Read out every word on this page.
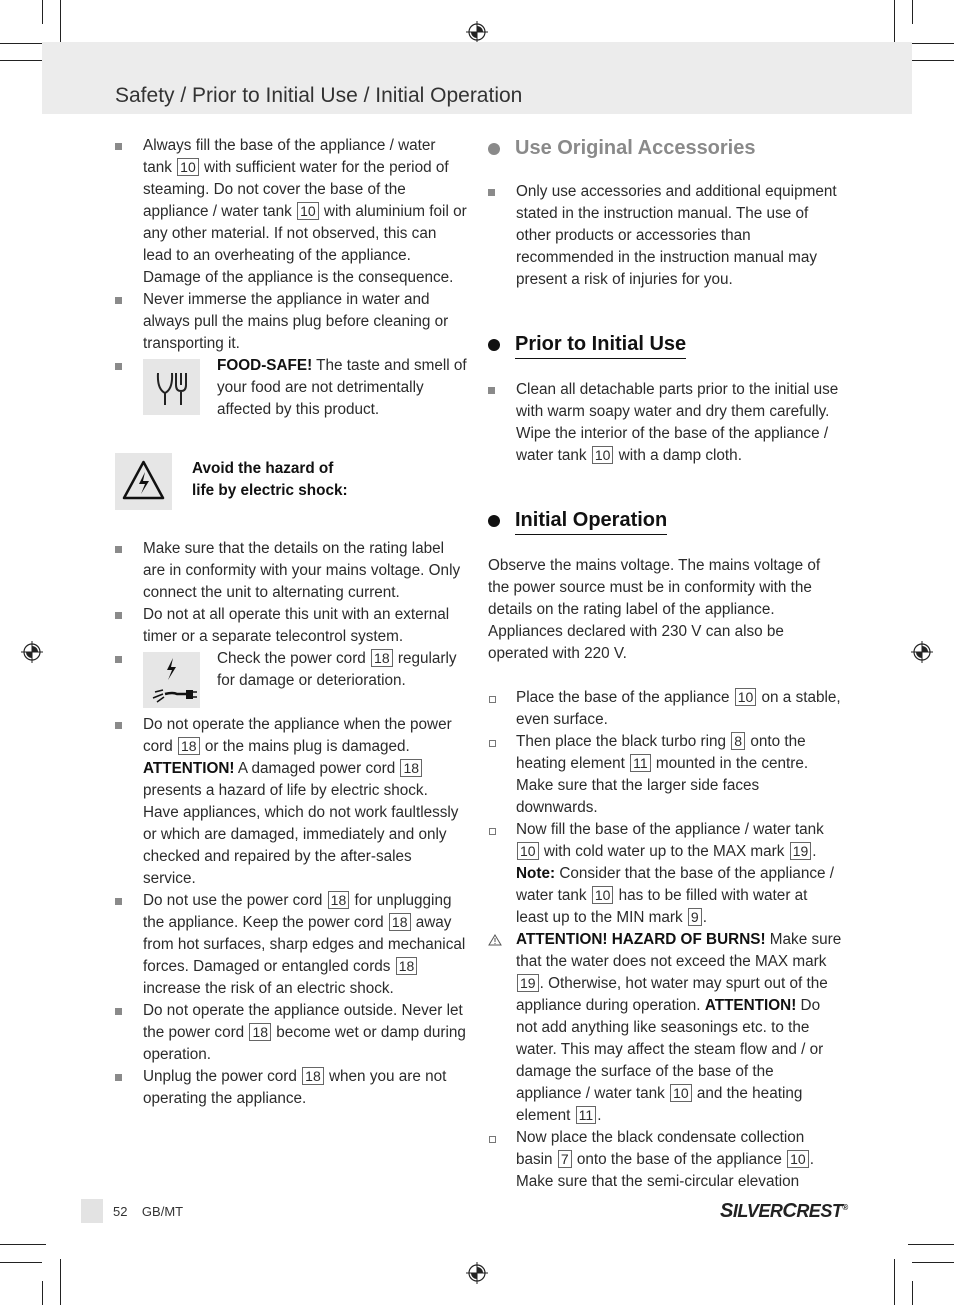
Safety / Prior to Initial Use / Initial Operation
Always fill the base of the appliance / water tank 10 with sufficient water for the period of steaming. Do not cover the base of the appliance / water tank 10 with aluminium foil or any other material. If not observed, this can lead to an overheating of the appliance. Damage of the appliance is the consequence.
Never immerse the appliance in water and always pull the mains plug before cleaning or transporting it.
FOOD-SAFE! The taste and smell of your food are not detrimentally affected by this product.
Avoid the hazard of
life by electric shock:
Make sure that the details on the rating label are in conformity with your mains voltage. Only connect the unit to alternating current.
Do not at all operate this unit with an external timer or a separate telecontrol system.
Check the power cord 18 regularly for damage or deterioration.
Do not operate the appliance when the power cord 18 or the mains plug is damaged. ATTENTION! A damaged power cord 18 presents a hazard of life by electric shock. Have appliances, which do not work faultlessly or which are damaged, immediately and only checked and repaired by the after-sales service.
Do not use the power cord 18 for unplugging the appliance. Keep the power cord 18 away from hot surfaces, sharp edges and mechanical forces. Damaged or entangled cords 18 increase the risk of an electric shock.
Do not operate the appliance outside. Never let the power cord 18 become wet or damp during operation.
Unplug the power cord 18 when you are not operating the appliance.
Use Original Accessories
Only use accessories and additional equipment stated in the instruction manual. The use of other products or accessories than recommended in the instruction manual may present a risk of injuries for you.
Prior to Initial Use
Clean all detachable parts prior to the initial use with warm soapy water and dry them carefully. Wipe the interior of the base of the appliance / water tank 10 with a damp cloth.
Initial Operation
Observe the mains voltage. The mains voltage of the power source must be in conformity with the details on the rating label of the appliance. Appliances declared with 230 V can also be operated with 220 V.
Place the base of the appliance 10 on a stable, even surface.
Then place the black turbo ring 8 onto the heating element 11 mounted in the centre. Make sure that the larger side faces downwards.
Now fill the base of the appliance / water tank 10 with cold water up to the MAX mark 19 . Note: Consider that the base of the appliance / water tank 10 has to be filled with water at least up to the MIN mark 9 .
ATTENTION! HAZARD OF BURNS! Make sure that the water does not exceed the MAX mark 19 . Otherwise, hot water may spurt out of the appliance during operation. ATTENTION! Do not add anything like seasonings etc. to the water. This may affect the steam flow and / or damage the surface of the base of the appliance / water tank 10 and the heating element 11 .
Now place the black condensate collection basin 7 onto the base of the appliance 10 . Make sure that the semi-circular elevation
52 GB/MT	SILVERCREST®
